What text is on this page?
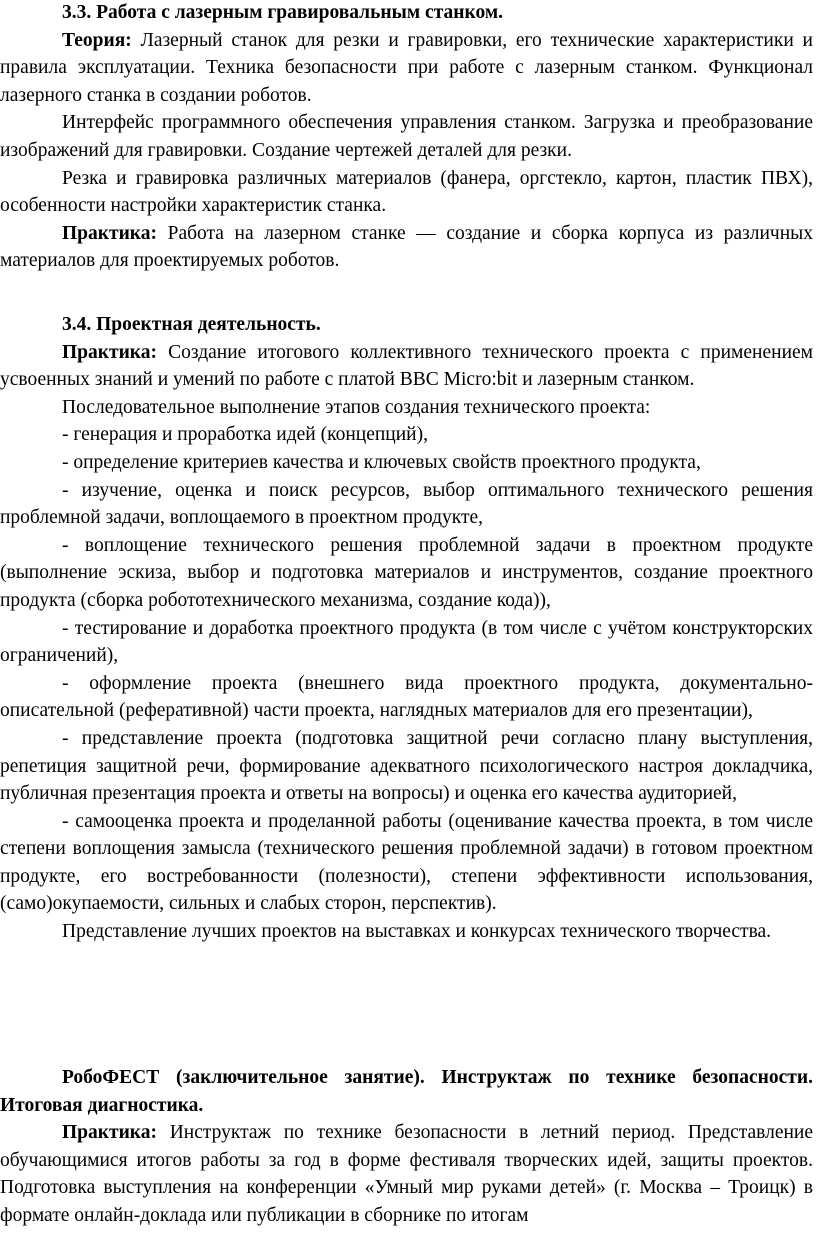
3.3. Работа с лазерным гравировальным станком.

Теория: Лазерный станок для резки и гравировки, его технические характеристики и правила эксплуатации. Техника безопасности при работе с лазерным станком. Функционал лазерного станка в создании роботов.

Интерфейс программного обеспечения управления станком. Загрузка и преобразование изображений для гравировки. Создание чертежей деталей для резки.

Резка и гравировка различных материалов (фанера, оргстекло, картон, пластик ПВХ), особенности настройки характеристик станка.

Практика: Работа на лазерном станке — создание и сборка корпуса из различных материалов для проектируемых роботов.

3.4. Проектная деятельность.

Практика: Создание итогового коллективного технического проекта с применением усвоенных знаний и умений по работе с платой BBC Micro:bit и лазерным станком.

Последовательное выполнение этапов создания технического проекта:

- генерация и проработка идей (концепций),

- определение критериев качества и ключевых свойств проектного продукта,

- изучение, оценка и поиск ресурсов, выбор оптимального технического решения проблемной задачи, воплощаемого в проектном продукте,

- воплощение технического решения проблемной задачи в проектном продукте (выполнение эскиза, выбор и подготовка материалов и инструментов, создание проектного продукта (сборка робототехнического механизма, создание кода)),

- тестирование и доработка проектного продукта (в том числе с учётом конструкторских ограничений),

- оформление проекта (внешнего вида проектного продукта, документально-описательной (реферативной) части проекта, наглядных материалов для его презентации),

- представление проекта (подготовка защитной речи согласно плану выступления, репетиция защитной речи, формирование адекватного психологического настроя докладчика, публичная презентация проекта и ответы на вопросы) и оценка его качества аудиторией,

- самооценка проекта и проделанной работы (оценивание качества проекта, в том числе степени воплощения замысла (технического решения проблемной задачи) в готовом проектном продукте, его востребованности (полезности), степени эффективности использования, (само)окупаемости, сильных и слабых сторон, перспектив).

Представление лучших проектов на выставках и конкурсах технического творчества.

РобоФЕСТ (заключительное занятие). Инструктаж по технике безопасности. Итоговая диагностика.

Практика: Инструктаж по технике безопасности в летний период. Представление обучающимися итогов работы за год в форме фестиваля творческих идей, защиты проектов. Подготовка выступления на конференции «Умный мир руками детей» (г. Москва – Троицк) в формате онлайн-доклада или публикации в сборнике по итогам
